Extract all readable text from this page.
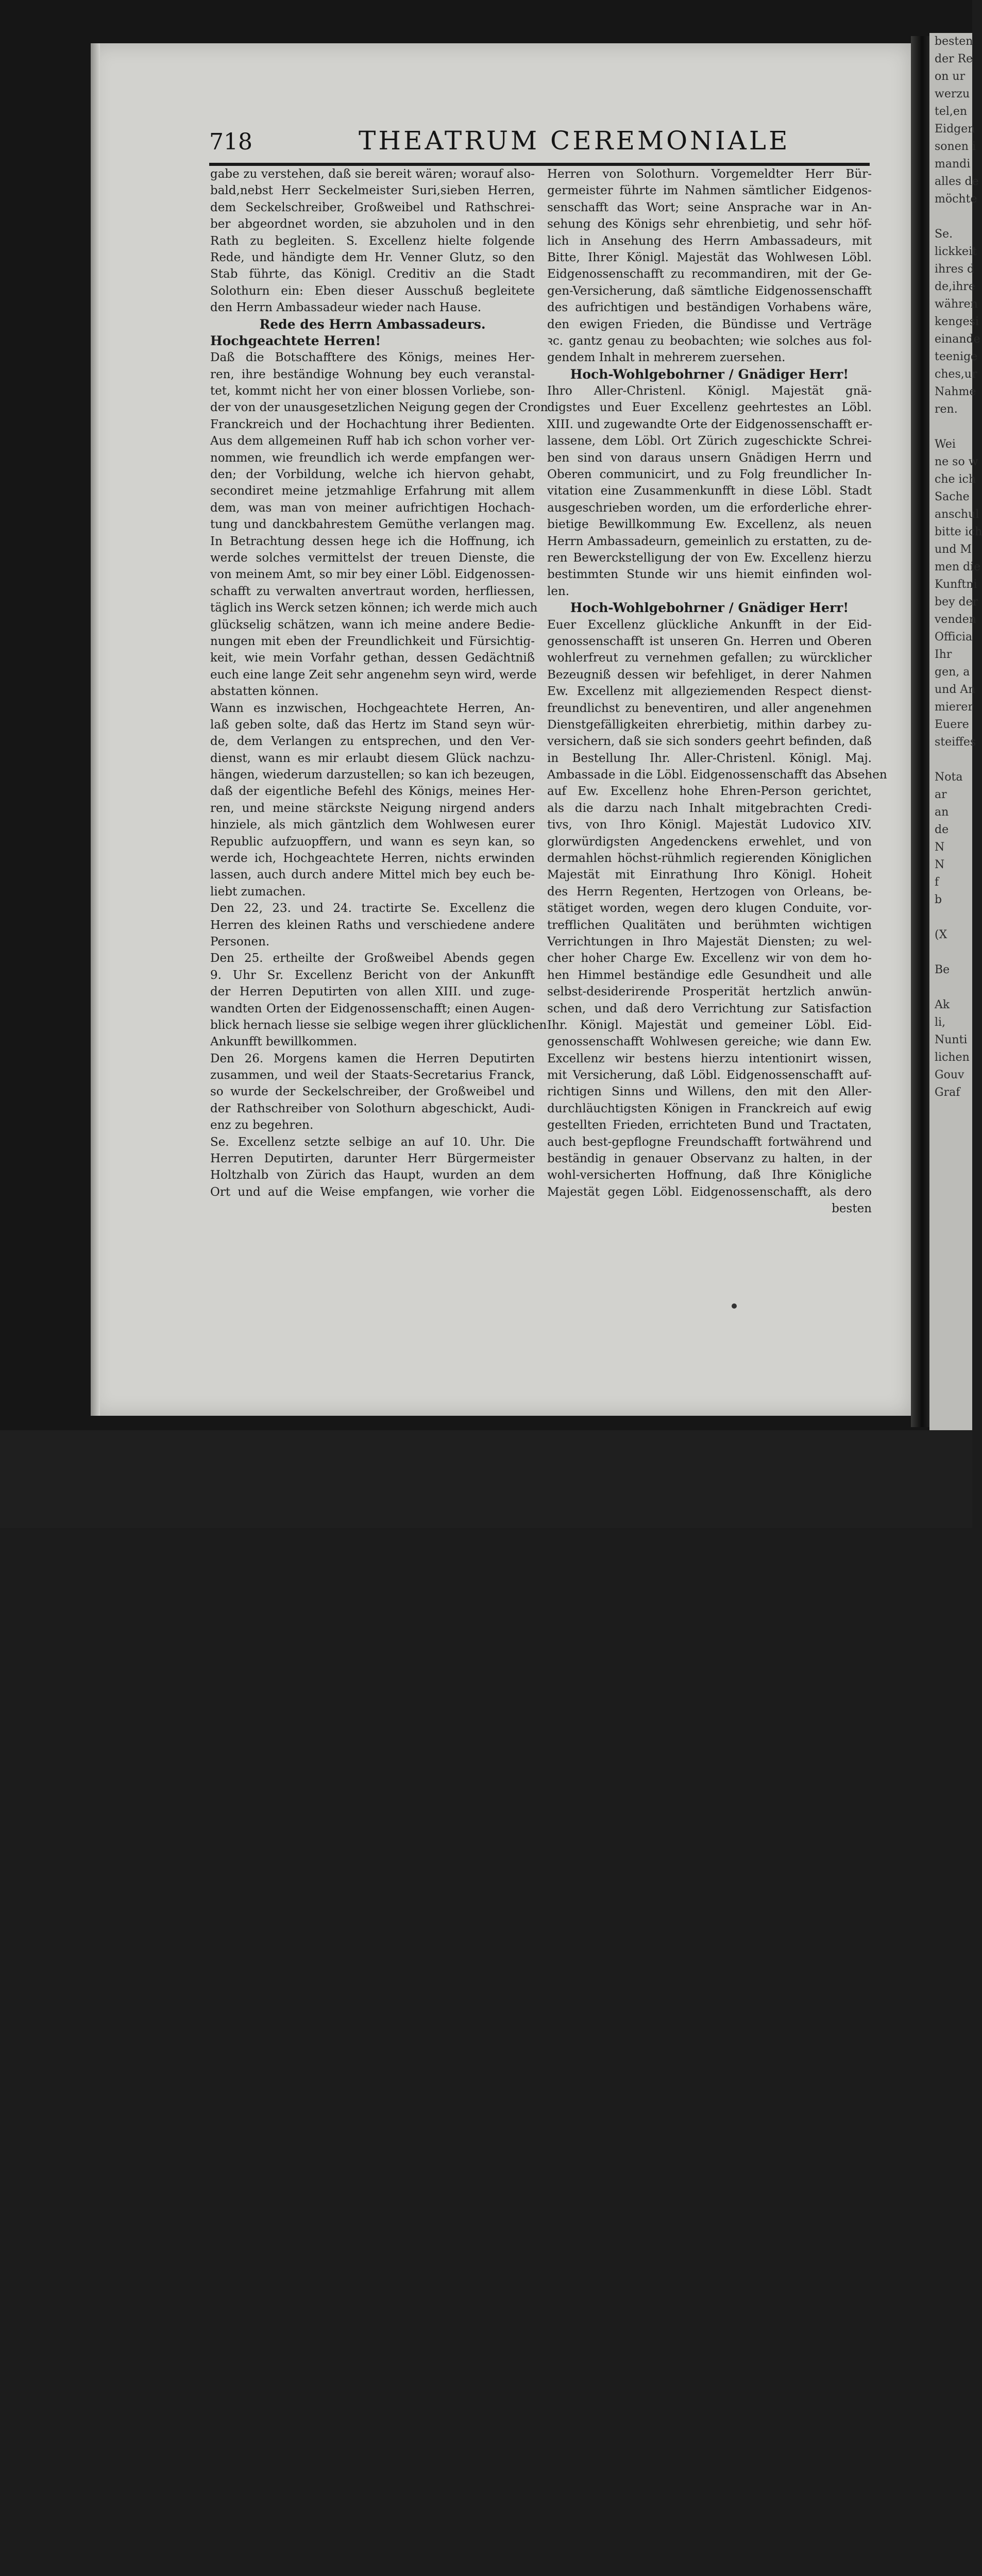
besten
der Re
on ur
werzu
tel,en
Eidgen
sonen i
mandi
alles de
möchte
Se.
lickkeit
ihres d
de,ihre
währen
kengesi
einande
teenige
ches,ur
Nahme
ren.
Wei
ne so w
che ich
Sache
anschul
bitte ich
und M
men die
Kunftni
bey der
venden
Officia
Ihr
gen, a
und An
mierer
Euere
steiffes
Nota
ar
an
de
N
N
f
b
(X
Be
Ak
li,
Nunti
lichen
Gouv
Graf
718	THEATRUM CEREMONIALE
gabe zu verstehen, daß sie bereit wären; worauf also-
bald,nebst Herr Seckelmeister Suri,sieben Herren,
dem Seckelschreiber, Großweibel und Rathschrei-
ber abgeordnet worden, sie abzuholen und in den
Rath zu begleiten. S. Excellenz hielte folgende
Rede, und händigte dem Hr. Venner Glutz, so den
Stab führte, das Königl. Creditiv an die Stadt
Solothurn ein: Eben dieser Ausschuß begleitete
den Herrn Ambassadeur wieder nach Hause.
Rede des Herrn Ambassadeurs.
Hochgeachtete Herren!
Daß die Botschafftere des Königs, meines Her-
ren, ihre beständige Wohnung bey euch veranstal-
tet, kommt nicht her von einer blossen Vorliebe, son-
der von der unausgesetzlichen Neigung gegen der Cron
Franckreich und der Hochachtung ihrer Bedienten.
Aus dem allgemeinen Ruff hab ich schon vorher ver-
nommen, wie freundlich ich werde empfangen wer-
den; der Vorbildung, welche ich hiervon gehabt,
secondiret meine jetzmahlige Erfahrung mit allem
dem, was man von meiner aufrichtigen Hochach-
tung und danckbahrestem Gemüthe verlangen mag.
In Betrachtung dessen hege ich die Hoffnung, ich
werde solches vermittelst der treuen Dienste, die
von meinem Amt, so mir bey einer Löbl. Eidgenossen-
schafft zu verwalten anvertraut worden, herfliessen,
täglich ins Werck setzen können; ich werde mich auch
glückselig schätzen, wann ich meine andere Bedie-
nungen mit eben der Freundlichkeit und Fürsichtig-
keit, wie mein Vorfahr gethan, dessen Gedächtniß
euch eine lange Zeit sehr angenehm seyn wird, werde
abstatten können.
Wann es inzwischen, Hochgeachtete Herren, An-
laß geben solte, daß das Hertz im Stand seyn wür-
de, dem Verlangen zu entsprechen, und den Ver-
dienst, wann es mir erlaubt diesem Glück nachzu-
hängen, wiederum darzustellen; so kan ich bezeugen,
daß der eigentliche Befehl des Königs, meines Her-
ren, und meine stärckste Neigung nirgend anders
hinziele, als mich gäntzlich dem Wohlwesen eurer
Republic aufzuopffern, und wann es seyn kan, so
werde ich, Hochgeachtete Herren, nichts erwinden
lassen, auch durch andere Mittel mich bey euch be-
liebt zumachen.
Den 22, 23. und 24. tractirte Se. Excellenz die
Herren des kleinen Raths und verschiedene andere
Personen.
Den 25. ertheilte der Großweibel Abends gegen
9. Uhr Sr. Excellenz Bericht von der Ankunfft
der Herren Deputirten von allen XIII. und zuge-
wandten Orten der Eidgenossenschafft; einen Augen-
blick hernach liesse sie selbige wegen ihrer glücklichen
Ankunfft bewillkommen.
Den 26. Morgens kamen die Herren Deputirten
zusammen, und weil der Staats-Secretarius Franck,
so wurde der Seckelschreiber, der Großweibel und
der Rathschreiber von Solothurn abgeschickt, Audi-
enz zu begehren.
Se. Excellenz setzte selbige an auf 10. Uhr. Die
Herren Deputirten, darunter Herr Bürgermeister
Holtzhalb von Zürich das Haupt, wurden an dem
Ort und auf die Weise empfangen, wie vorher die
Herren von Solothurn. Vorgemeldter Herr Bür-
germeister führte im Nahmen sämtlicher Eidgenos-
senschafft das Wort; seine Ansprache war in An-
sehung des Königs sehr ehrenbietig, und sehr höf-
lich in Ansehung des Herrn Ambassadeurs, mit
Bitte, Ihrer Königl. Majestät das Wohlwesen Löbl.
Eidgenossenschafft zu recommandiren, mit der Ge-
gen-Versicherung, daß sämtliche Eidgenossenschafft
des aufrichtigen und beständigen Vorhabens wäre,
den ewigen Frieden, die Bündisse und Verträge
ꝛc. gantz genau zu beobachten; wie solches aus fol-
gendem Inhalt in mehrerem zuersehen.
Hoch-Wohlgebohrner / Gnädiger Herr!
Ihro Aller-Christenl. Königl. Majestät gnä-
digstes und Euer Excellenz geehrtestes an Löbl.
XIII. und zugewandte Orte der Eidgenossenschafft er-
lassene, dem Löbl. Ort Zürich zugeschickte Schrei-
ben sind von daraus unsern Gnädigen Herrn und
Oberen communicirt, und zu Folg freundlicher In-
vitation eine Zusammenkunfft in diese Löbl. Stadt
ausgeschrieben worden, um die erforderliche ehrer-
bietige Bewillkommung Ew. Excellenz, als neuen
Herrn Ambassadeurn, gemeinlich zu erstatten, zu de-
ren Bewerckstelligung der von Ew. Excellenz hierzu
bestimmten Stunde wir uns hiemit einfinden wol-
len.
Hoch-Wohlgebohrner / Gnädiger Herr!
Euer Excellenz glückliche Ankunfft in der Eid-
genossenschafft ist unseren Gn. Herren und Oberen
wohlerfreut zu vernehmen gefallen; zu würcklicher
Bezeugniß dessen wir befehliget, in derer Nahmen
Ew. Excellenz mit allgeziemenden Respect dienst-
freundlichst zu beneventiren, und aller angenehmen
Dienstgefälligkeiten ehrerbietig, mithin darbey zu-
versichern, daß sie sich sonders geehrt befinden, daß
in Bestellung Ihr. Aller-Christenl. Königl. Maj.
Ambassade in die Löbl. Eidgenossenschafft das Absehen
auf Ew. Excellenz hohe Ehren-Person gerichtet,
als die darzu nach Inhalt mitgebrachten Credi-
tivs, von Ihro Königl. Majestät Ludovico XIV.
glorwürdigsten Angedenckens erwehlet, und von
dermahlen höchst-rühmlich regierenden Königlichen
Majestät mit Einrathung Ihro Königl. Hoheit
des Herrn Regenten, Hertzogen von Orleans, be-
stätiget worden, wegen dero klugen Conduite, vor-
trefflichen Qualitäten und berühmten wichtigen
Verrichtungen in Ihro Majestät Diensten; zu wel-
cher hoher Charge Ew. Excellenz wir von dem ho-
hen Himmel beständige edle Gesundheit und alle
selbst-desiderirende Prosperität hertzlich anwün-
schen, und daß dero Verrichtung zur Satisfaction
Ihr. Königl. Majestät und gemeiner Löbl. Eid-
genossenschafft Wohlwesen gereiche; wie dann Ew.
Excellenz wir bestens hierzu intentionirt wissen,
mit Versicherung, daß Löbl. Eidgenossenschafft auf-
richtigen Sinns und Willens, den mit den Aller-
durchläuchtigsten Königen in Franckreich auf ewig
gestellten Frieden, errichteten Bund und Tractaten,
auch best-gepflogne Freundschafft fortwährend und
beständig in genauer Observanz zu halten, in der
wohl-versicherten Hoffnung, daß Ihre Königliche
Majestät gegen Löbl. Eidgenossenschafft, als dero
besten
